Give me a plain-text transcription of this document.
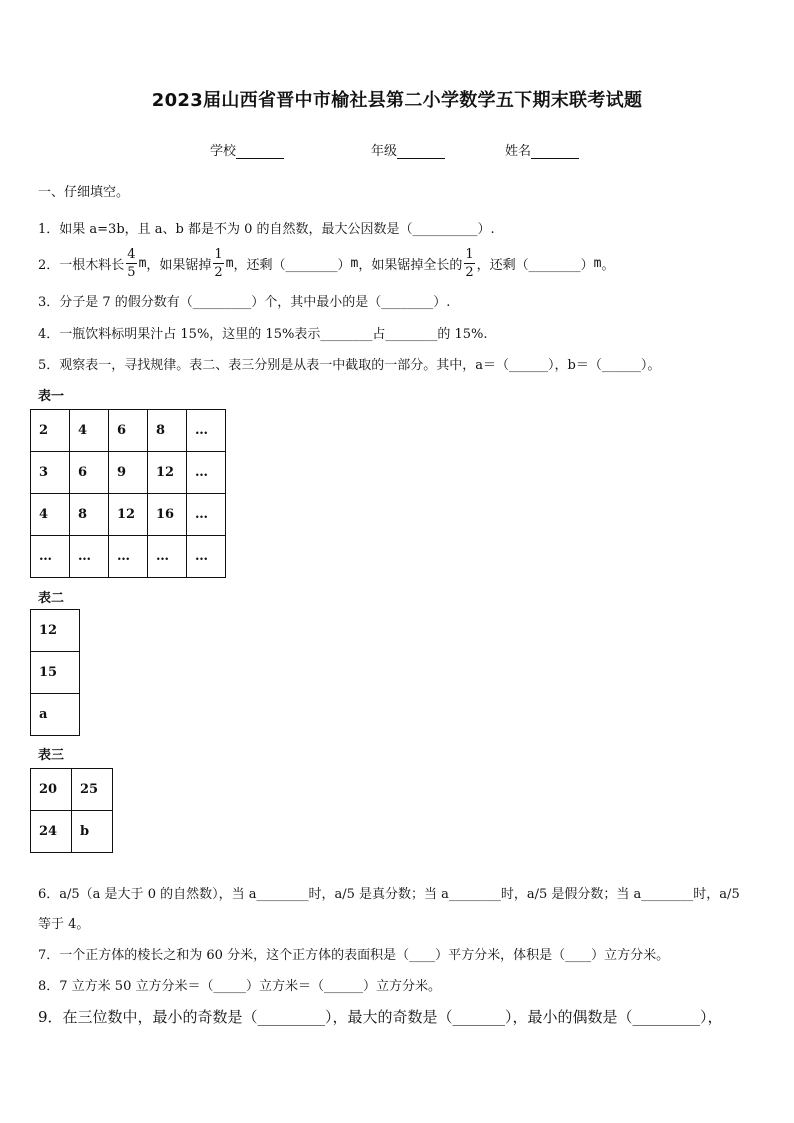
2023届山西省晋中市榆社县第二小学数学五下期末联考试题
学校	年级	姓名
一、仔细填空。
1．如果 a=3b，且 a、b 都是不为 0 的自然数，最大公因数是（__________）.
2．一根木料长 $\frac{4}{5}$ m ，如果锯掉 $\frac{1}{2}$ m ，还剩（________） m ，如果锯掉全长的 $\frac{1}{2}$ ，还剩（________） m 。
3．分子是 7 的假分数有（_________）个，其中最小的是（________）.
4．一瓶饮料标明果汁占 15%，这里的 15%表示________占________的 15%.
5．观察表一，寻找规律。表二、表三分别是从表一中截取的一部分。其中，a＝（______），b＝（______）。
表一
2	4	6	8	…
3	6	9	12	…
4	8	12	16	…
…	…	…	…	…
表二
12
15
a
表三
20	25
24	b
6．a/5（a 是大于 0 的自然数），当 a________时，a/5 是真分数；当 a________时，a/5 是假分数；当 a________时，a/5
等于 4。
7．一个正方体的棱长之和为 60 分米，这个正方体的表面积是（____）平方分米，体积是（____）立方分米。
8．7 立方米 50 立方分米＝（_____）立方米＝（______）立方分米。
9．在三位数中，最小的奇数是（_________），最大的奇数是（_______），最小的偶数是（_________），
